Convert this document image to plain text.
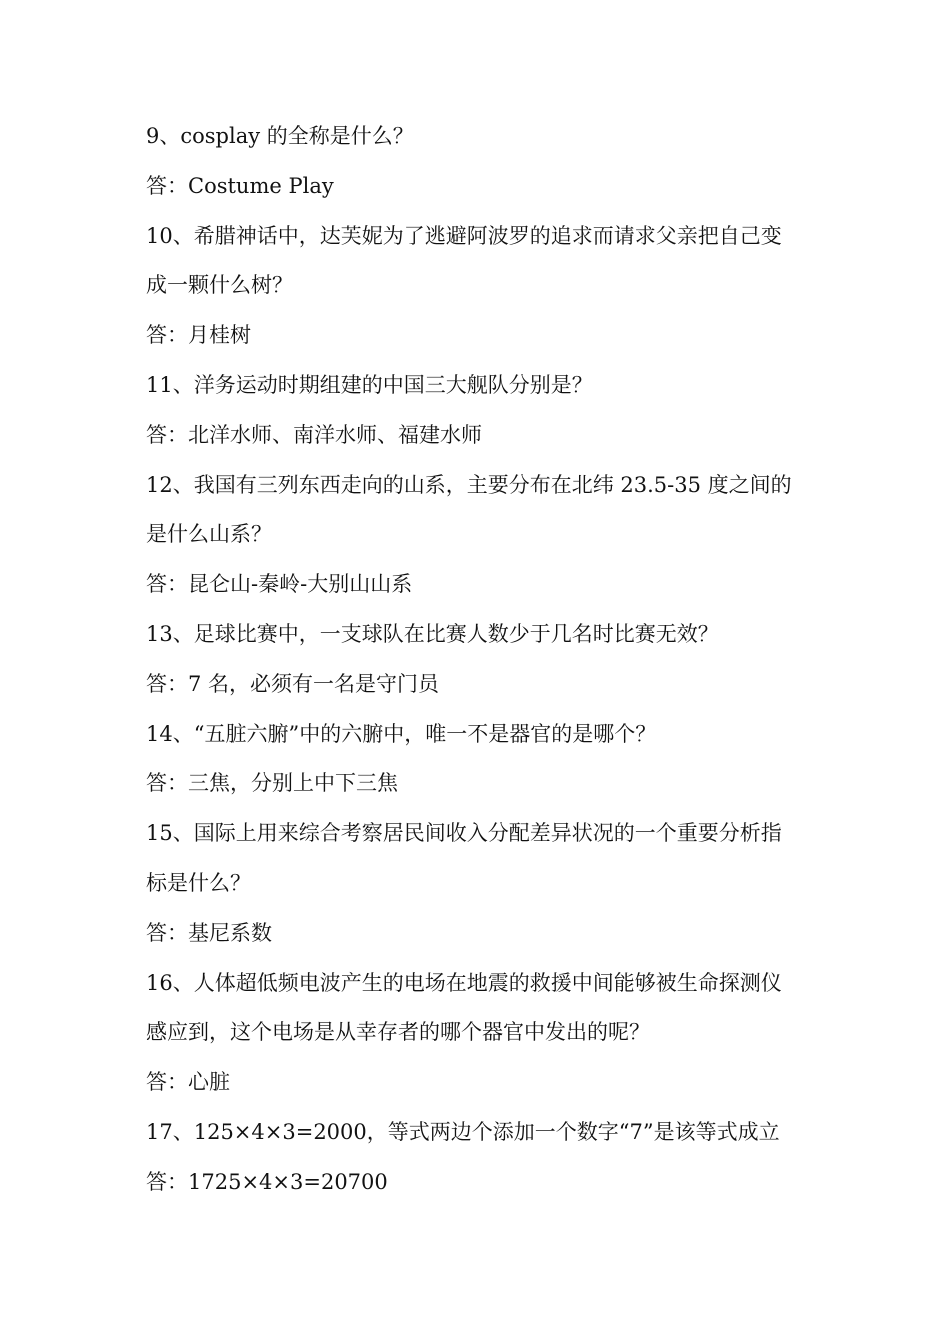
9、cosplay 的全称是什么？
答：Costume Play
10、希腊神话中，达芙妮为了逃避阿波罗的追求而请求父亲把自己变
成一颗什么树？
答：月桂树
11、洋务运动时期组建的中国三大舰队分别是？
答：北洋水师、南洋水师、福建水师
12、我国有三列东西走向的山系，主要分布在北纬 23.5-35 度之间的
是什么山系？
答：昆仑山-秦岭-大别山山系
13、足球比赛中，一支球队在比赛人数少于几名时比赛无效？
答：7 名，必须有一名是守门员
14、“五脏六腑”中的六腑中，唯一不是器官的是哪个？
答：三焦，分别上中下三焦
15、国际上用来综合考察居民间收入分配差异状况的一个重要分析指
标是什么？
答：基尼系数
16、人体超低频电波产生的电场在地震的救援中间能够被生命探测仪
感应到，这个电场是从幸存者的哪个器官中发出的呢？
答：心脏
17、125×4×3=2000，等式两边个添加一个数字“7”是该等式成立
答：1725×4×3=20700
